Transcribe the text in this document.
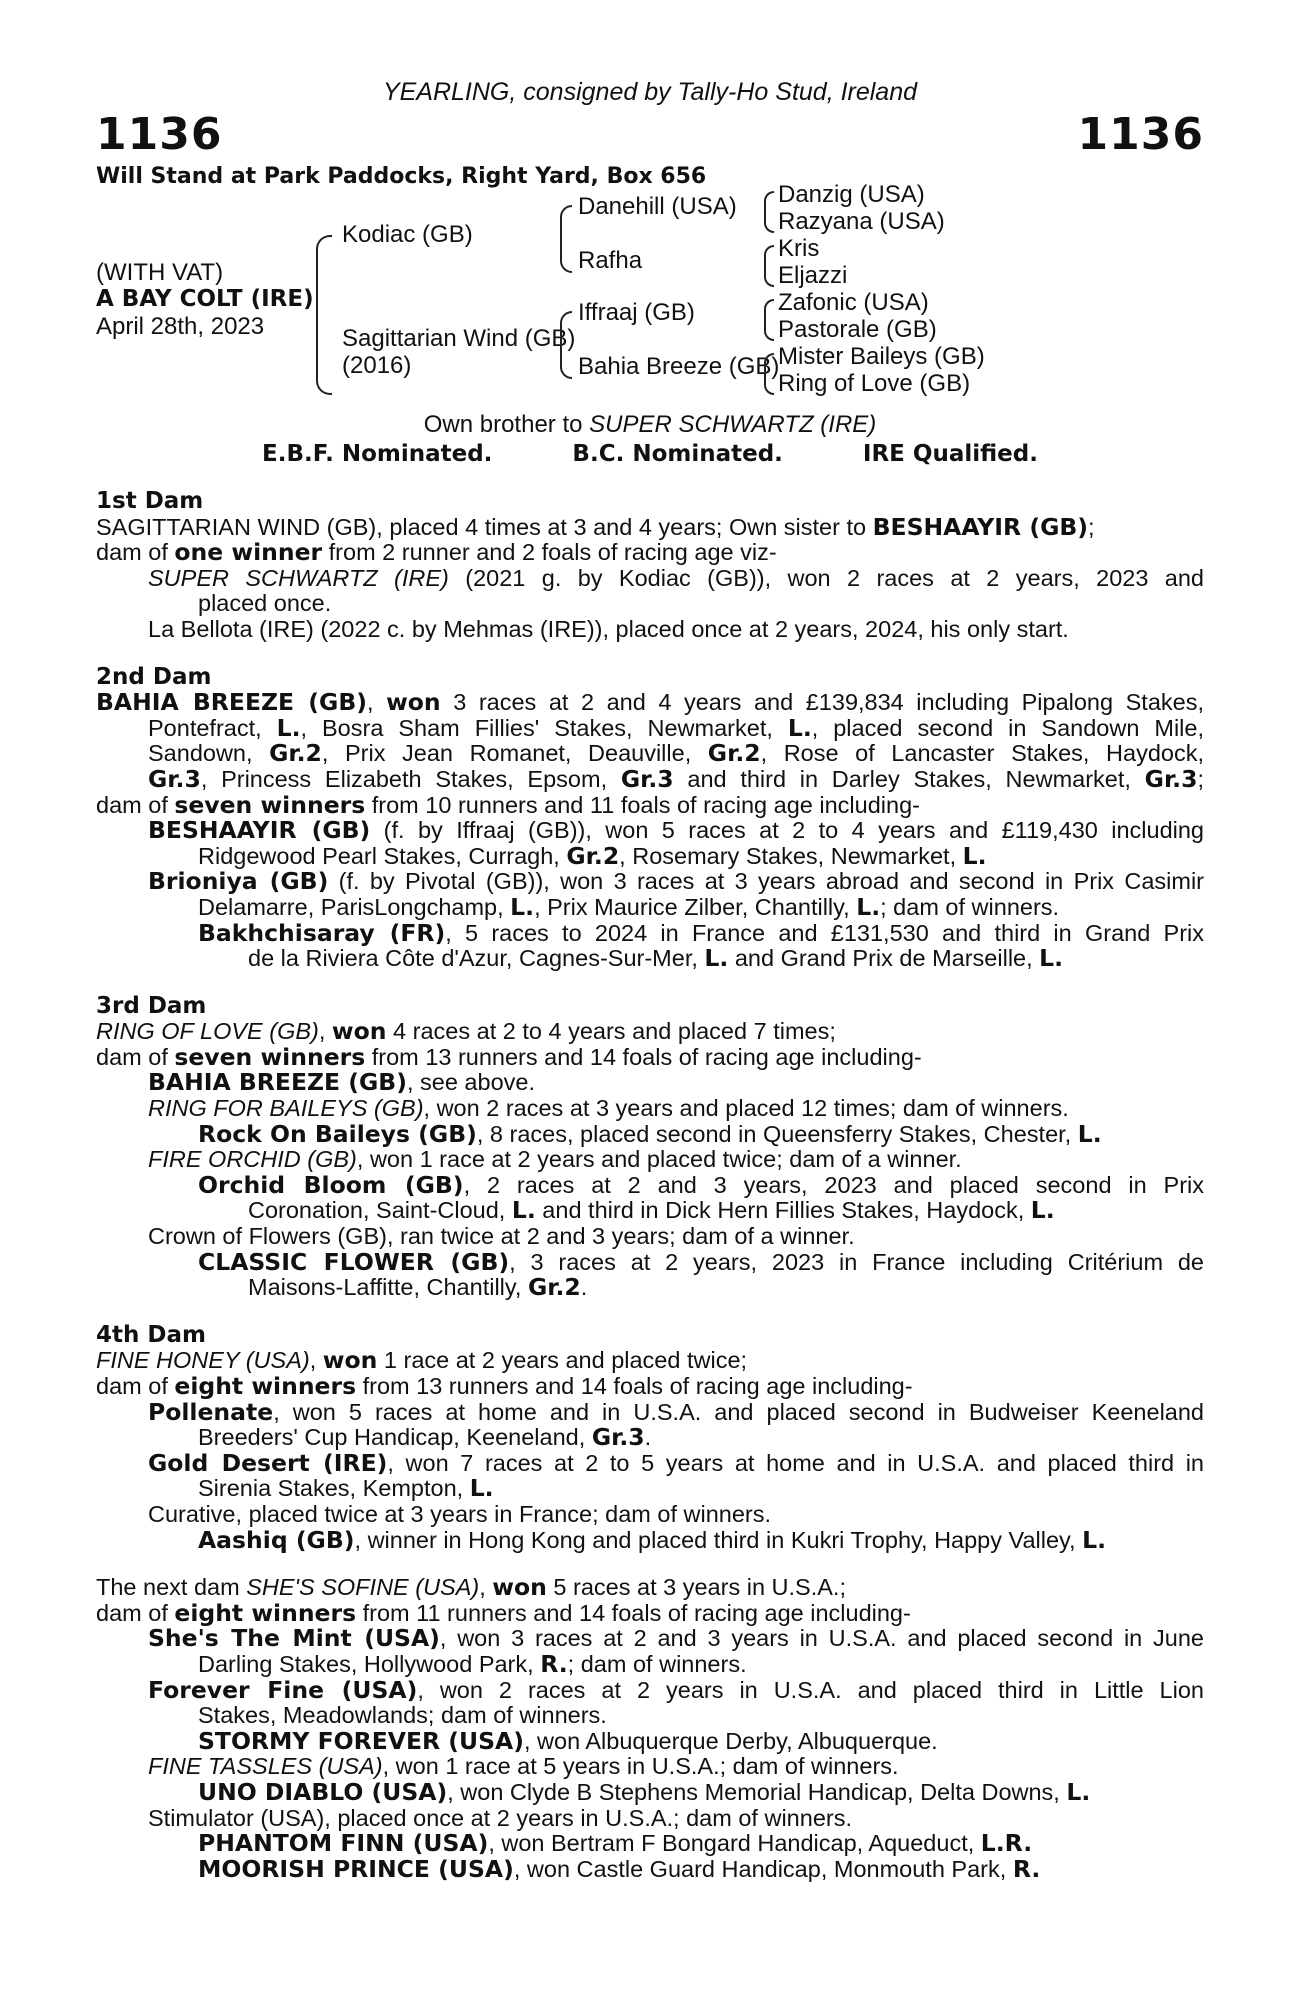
YEARLING, consigned by Tally-Ho Stud, Ireland
1136	1136
Will Stand at Park Paddocks, Right Yard, Box 656
(WITH VAT)
A BAY COLT (IRE)
April 28th, 2023
Kodiac (GB)
Sagittarian Wind (GB)
(2016)
Danehill (USA)
Rafha
Iffraaj (GB)
Bahia Breeze (GB)
Danzig (USA)
Razyana (USA)
Kris
Eljazzi
Zafonic (USA)
Pastorale (GB)
Mister Baileys (GB)
Ring of Love (GB)
Own brother to SUPER SCHWARTZ (IRE)
E.B.F. Nominated.	B.C. Nominated.	IRE Qualified.
1st Dam
SAGITTARIAN WIND (GB), placed 4 times at 3 and 4 years; Own sister to BESHAAYIR (GB);
dam of one winner from 2 runner and 2 foals of racing age viz-
SUPER SCHWARTZ (IRE) (2021 g. by Kodiac (GB)), won 2 races at 2 years, 2023 and
placed once.
La Bellota (IRE) (2022 c. by Mehmas (IRE)), placed once at 2 years, 2024, his only start.
2nd Dam
BAHIA BREEZE (GB), won 3 races at 2 and 4 years and £139,834 including Pipalong Stakes,
Pontefract, L., Bosra Sham Fillies' Stakes, Newmarket, L., placed second in Sandown Mile,
Sandown, Gr.2, Prix Jean Romanet, Deauville, Gr.2, Rose of Lancaster Stakes, Haydock,
Gr.3, Princess Elizabeth Stakes, Epsom, Gr.3 and third in Darley Stakes, Newmarket, Gr.3;
dam of seven winners from 10 runners and 11 foals of racing age including-
BESHAAYIR (GB) (f. by Iffraaj (GB)), won 5 races at 2 to 4 years and £119,430 including
Ridgewood Pearl Stakes, Curragh, Gr.2, Rosemary Stakes, Newmarket, L.
Brioniya (GB) (f. by Pivotal (GB)), won 3 races at 3 years abroad and second in Prix Casimir
Delamarre, ParisLongchamp, L., Prix Maurice Zilber, Chantilly, L.; dam of winners.
Bakhchisaray (FR), 5 races to 2024 in France and £131,530 and third in Grand Prix
de la Riviera Côte d'Azur, Cagnes-Sur-Mer, L. and Grand Prix de Marseille, L.
3rd Dam
RING OF LOVE (GB), won 4 races at 2 to 4 years and placed 7 times;
dam of seven winners from 13 runners and 14 foals of racing age including-
BAHIA BREEZE (GB), see above.
RING FOR BAILEYS (GB), won 2 races at 3 years and placed 12 times; dam of winners.
Rock On Baileys (GB), 8 races, placed second in Queensferry Stakes, Chester, L.
FIRE ORCHID (GB), won 1 race at 2 years and placed twice; dam of a winner.
Orchid Bloom (GB), 2 races at 2 and 3 years, 2023 and placed second in Prix
Coronation, Saint-Cloud, L. and third in Dick Hern Fillies Stakes, Haydock, L.
Crown of Flowers (GB), ran twice at 2 and 3 years; dam of a winner.
CLASSIC FLOWER (GB), 3 races at 2 years, 2023 in France including Critérium de
Maisons-Laffitte, Chantilly, Gr.2.
4th Dam
FINE HONEY (USA), won 1 race at 2 years and placed twice;
dam of eight winners from 13 runners and 14 foals of racing age including-
Pollenate, won 5 races at home and in U.S.A. and placed second in Budweiser Keeneland
Breeders' Cup Handicap, Keeneland, Gr.3.
Gold Desert (IRE), won 7 races at 2 to 5 years at home and in U.S.A. and placed third in
Sirenia Stakes, Kempton, L.
Curative, placed twice at 3 years in France; dam of winners.
Aashiq (GB), winner in Hong Kong and placed third in Kukri Trophy, Happy Valley, L.
The next dam SHE'S SOFINE (USA), won 5 races at 3 years in U.S.A.;
dam of eight winners from 11 runners and 14 foals of racing age including-
She's The Mint (USA), won 3 races at 2 and 3 years in U.S.A. and placed second in June
Darling Stakes, Hollywood Park, R.; dam of winners.
Forever Fine (USA), won 2 races at 2 years in U.S.A. and placed third in Little Lion
Stakes, Meadowlands; dam of winners.
STORMY FOREVER (USA), won Albuquerque Derby, Albuquerque.
FINE TASSLES (USA), won 1 race at 5 years in U.S.A.; dam of winners.
UNO DIABLO (USA), won Clyde B Stephens Memorial Handicap, Delta Downs, L.
Stimulator (USA), placed once at 2 years in U.S.A.; dam of winners.
PHANTOM FINN (USA), won Bertram F Bongard Handicap, Aqueduct, L.R.
MOORISH PRINCE (USA), won Castle Guard Handicap, Monmouth Park, R.
